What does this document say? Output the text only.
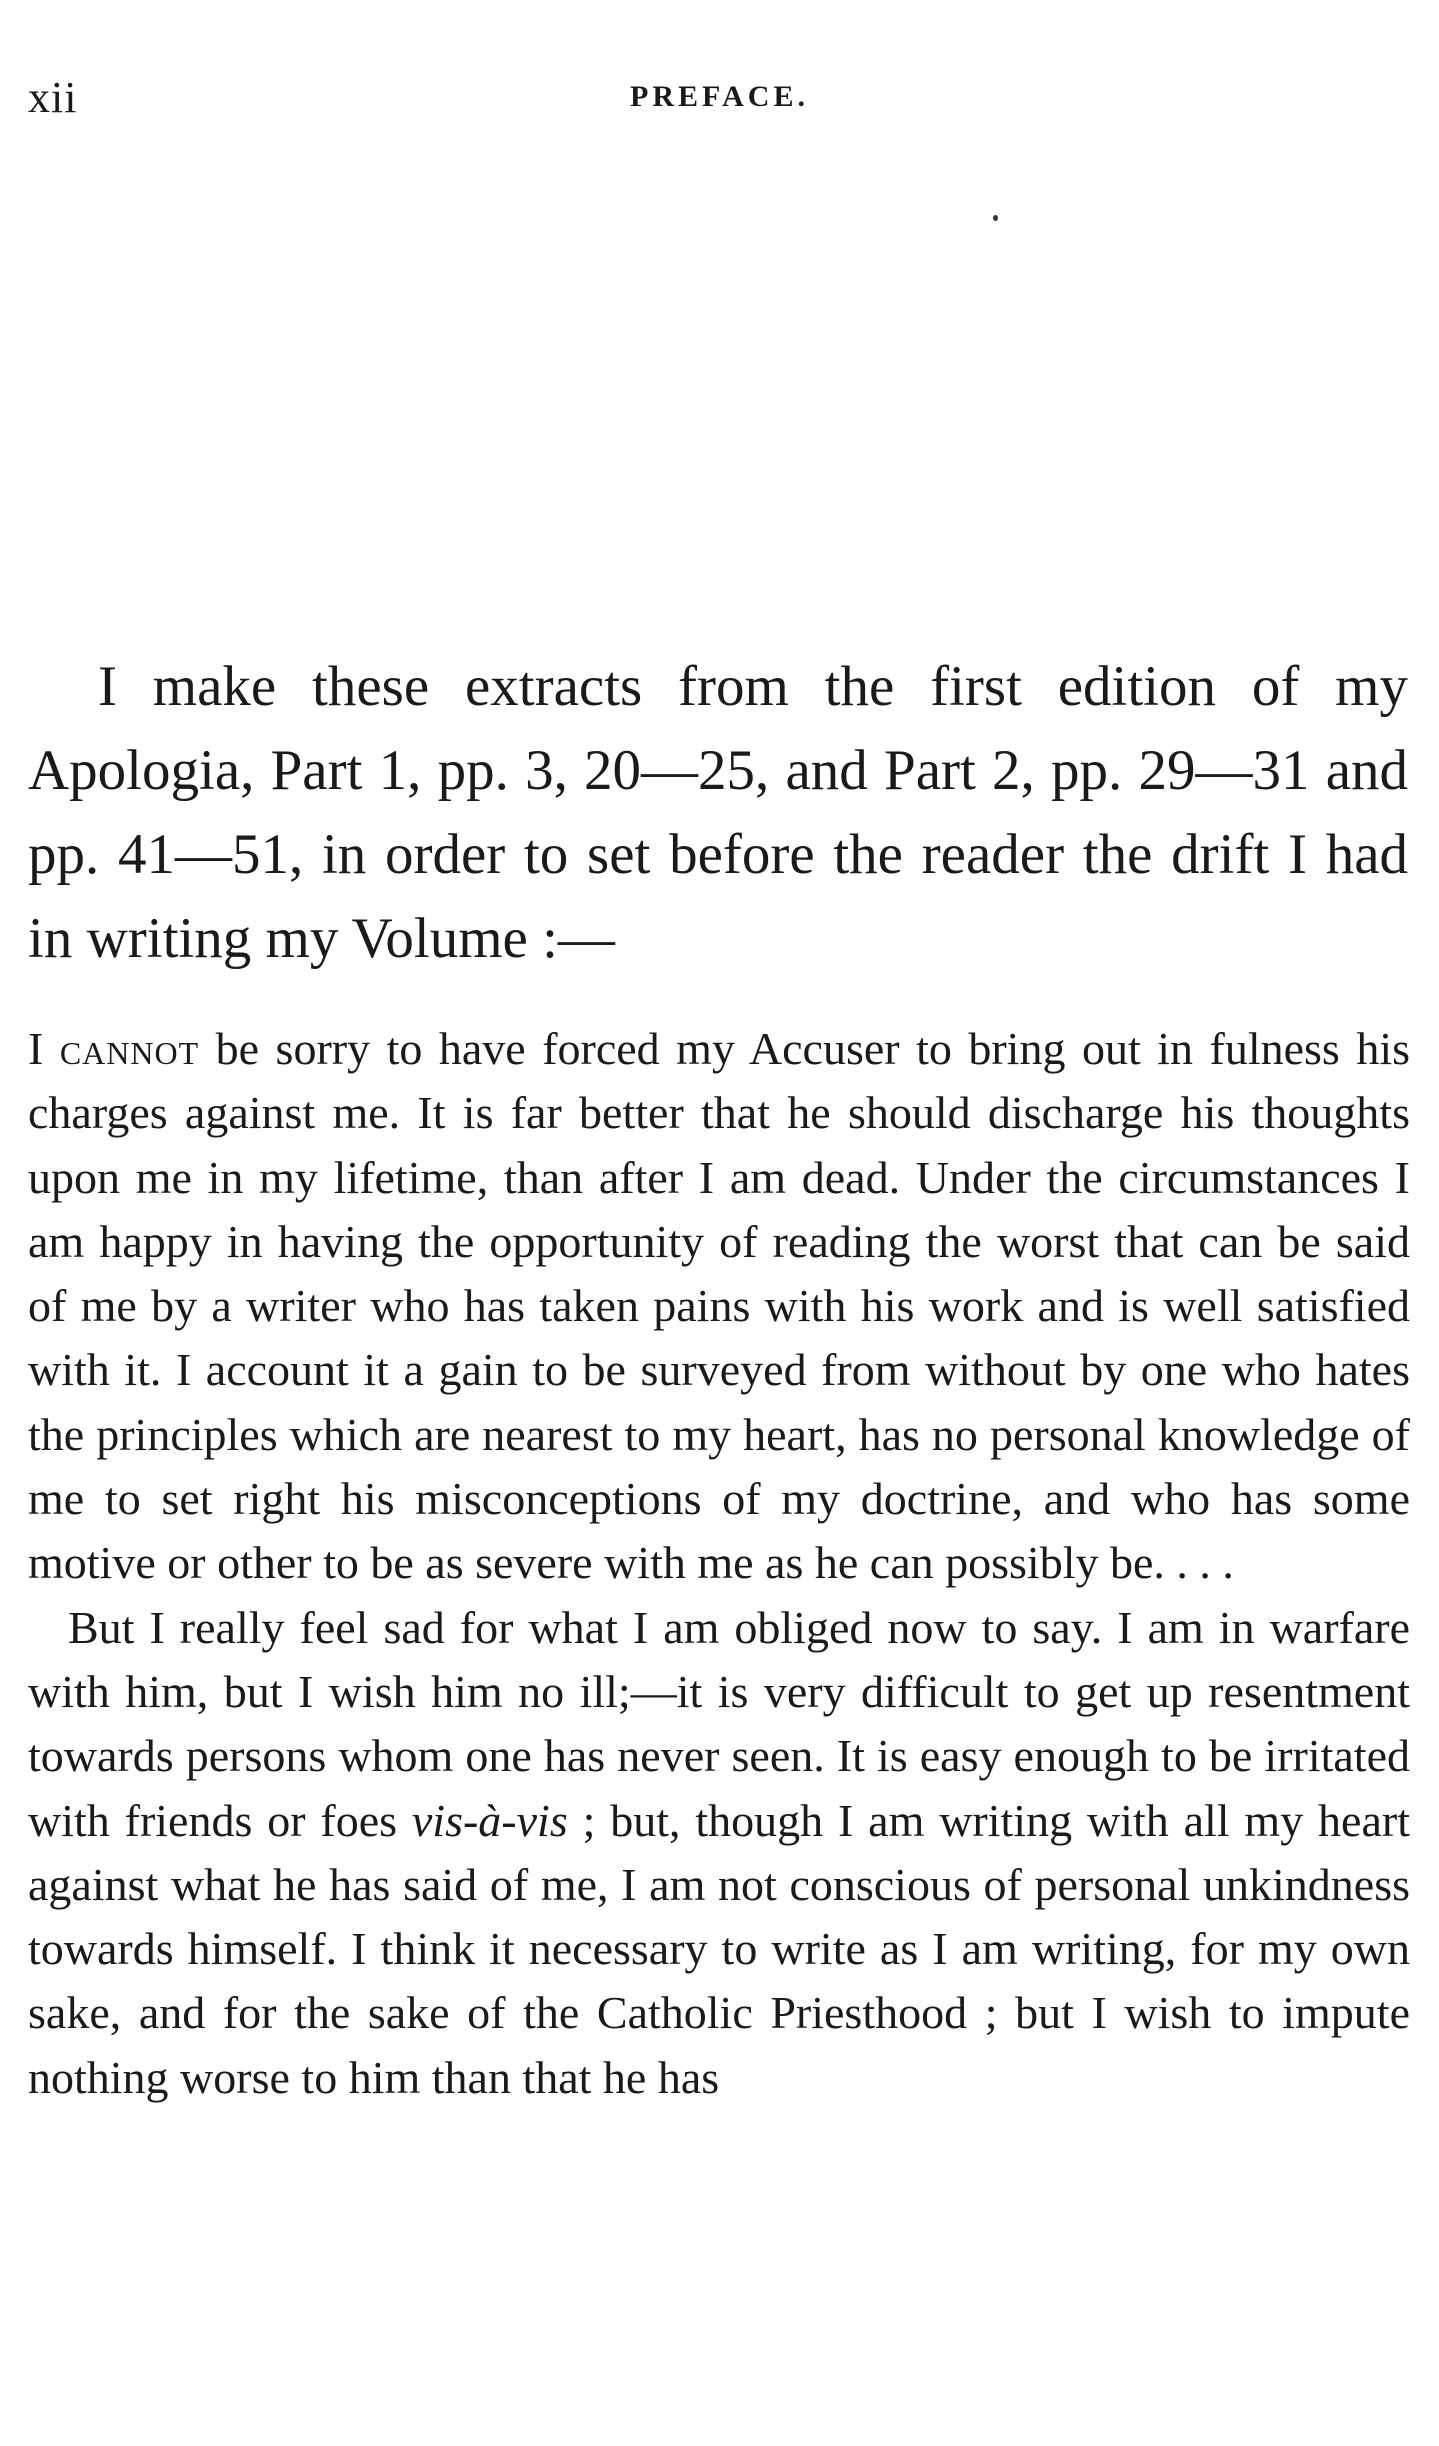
xii	PREFACE.

I make these extracts from the first edition of my Apologia, Part 1, pp. 3, 20—25, and Part 2, pp. 29—31 and pp. 41—51, in order to set before the reader the drift I had in writing my Volume :—

I cannot be sorry to have forced my Accuser to bring out in fulness his charges against me. It is far better that he should discharge his thoughts upon me in my lifetime, than after I am dead. Under the circumstances I am happy in having the opportunity of reading the worst that can be said of me by a writer who has taken pains with his work and is well satisfied with it. I account it a gain to be surveyed from without by one who hates the principles which are nearest to my heart, has no personal knowledge of me to set right his misconceptions of my doctrine, and who has some motive or other to be as severe with me as he can possibly be. . . .

But I really feel sad for what I am obliged now to say. I am in warfare with him, but I wish him no ill;—it is very difficult to get up resentment towards persons whom one has never seen. It is easy enough to be irritated with friends or foes vis-à-vis ; but, though I am writing with all my heart against what he has said of me, I am not conscious of personal unkindness towards himself. I think it necessary to write as I am writing, for my own sake, and for the sake of the Catholic Priesthood ; but I wish to impute nothing worse to him than that he has
